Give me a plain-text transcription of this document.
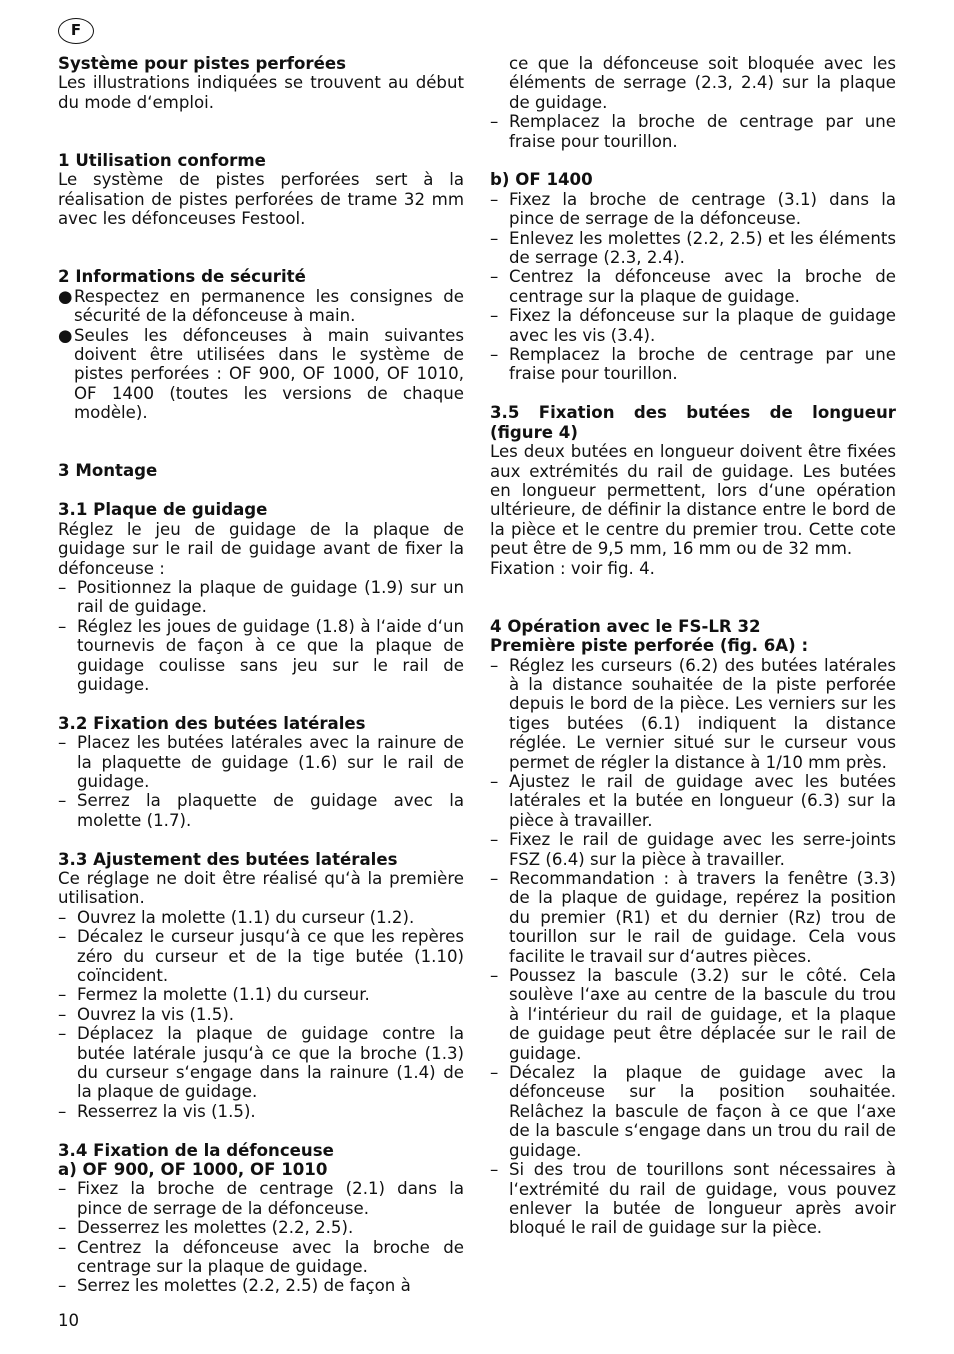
F

Système pour pistes perforées

Les illustrations indiquées se trouvent au début du mode d‘emploi.

1 Utilisation conforme

Le système de pistes perforées sert à la réalisation de pistes perforées de trame 32 mm avec les défonceuses Festool.

2 Informations de sécurité

● Respectez en permanence les consignes de sécurité de la défonceuse à main.
● Seules les défonceuses à main suivantes doivent être utilisées dans le système de pistes perforées : OF 900, OF 1000, OF 1010, OF 1400 (toutes les versions de chaque modèle).

3 Montage

3.1 Plaque de guidage

Réglez le jeu de guidage de la plaque de guidage sur le rail de guidage avant de fixer la défonceuse :

– Positionnez la plaque de guidage (1.9) sur un rail de guidage.
– Réglez les joues de guidage (1.8) à l‘aide d‘un tournevis de façon à ce que la plaque de guidage coulisse sans jeu sur le rail de guidage.

3.2 Fixation des butées latérales

– Placez les butées latérales avec la rainure de la plaquette de guidage (1.6) sur le rail de guidage.
– Serrez la plaquette de guidage avec la molette (1.7).

3.3 Ajustement des butées latérales

Ce réglage ne doit être réalisé qu‘à la première utilisation.

– Ouvrez la molette (1.1) du curseur (1.2).
– Décalez le curseur jusqu‘à ce que les repères zéro du curseur et de la tige butée (1.10) coïncident.
– Fermez la molette (1.1) du curseur.
– Ouvrez la vis (1.5).
– Déplacez la plaque de guidage contre la butée latérale jusqu‘à ce que la broche (1.3) du curseur s‘engage dans la rainure (1.4) de la plaque de guidage.
– Resserrez la vis (1.5).

3.4 Fixation de la défonceuse

a) OF 900, OF 1000, OF 1010

– Fixez la broche de centrage (2.1) dans la pince de serrage de la défonceuse.
– Desserrez les molettes (2.2, 2.5).
– Centrez la défonceuse avec la broche de centrage sur la plaque de guidage.
– Serrez les molettes (2.2, 2.5) de façon à

ce que la défonceuse soit bloquée avec les éléments de serrage (2.3, 2.4) sur la plaque de guidage.

– Remplacez la broche de centrage par une fraise pour tourillon.

b) OF 1400

– Fixez la broche de centrage (3.1) dans la pince de serrage de la défonceuse.
– Enlevez les molettes (2.2, 2.5) et les éléments de serrage (2.3, 2.4).
– Centrez la défonceuse avec la broche de centrage sur la plaque de guidage.
– Fixez la défonceuse sur la plaque de guidage avec les vis (3.4).
– Remplacez la broche de centrage par une fraise pour tourillon.

3.5 Fixation des butées de longueur (figure 4)

Les deux butées en longueur doivent être fixées aux extrémités du rail de guidage. Les butées en longueur permettent, lors d‘une opération ultérieure, de définir la distance entre le bord de la pièce et le centre du premier trou. Cette cote peut être de 9,5 mm, 16 mm ou de 32 mm.

Fixation : voir fig. 4.

4 Opération avec le FS-LR 32

Première piste perforée (fig. 6A) :

– Réglez les curseurs (6.2) des butées latérales à la distance souhaitée de la piste perforée depuis le bord de la pièce. Les verniers sur les tiges butées (6.1) indiquent la distance réglée. Le vernier situé sur le curseur vous permet de régler la distance à 1/10 mm près.
– Ajustez le rail de guidage avec les butées latérales et la butée en longueur (6.3) sur la pièce à travailler.
– Fixez le rail de guidage avec les serre-joints FSZ (6.4) sur la pièce à travailler.
– Recommandation : à travers la fenêtre (3.3) de la plaque de guidage, repérez la position du premier (R1) et du dernier (Rz) trou de tourillon sur le rail de guidage. Cela vous facilite le travail sur d‘autres pièces.
– Poussez la bascule (3.2) sur le côté. Cela soulève l‘axe au centre de la bascule du trou à l‘intérieur du rail de guidage, et la plaque de guidage peut être déplacée sur le rail de guidage.
– Décalez la plaque de guidage avec la défonceuse sur la position souhaitée. Relâchez la bascule de façon à ce que l‘axe de la bascule s‘engage dans un trou du rail de guidage.
– Si des trou de tourillons sont nécessaires à l‘extrémité du rail de guidage, vous pouvez enlever la butée de longueur après avoir bloqué le rail de guidage sur la pièce.
10
